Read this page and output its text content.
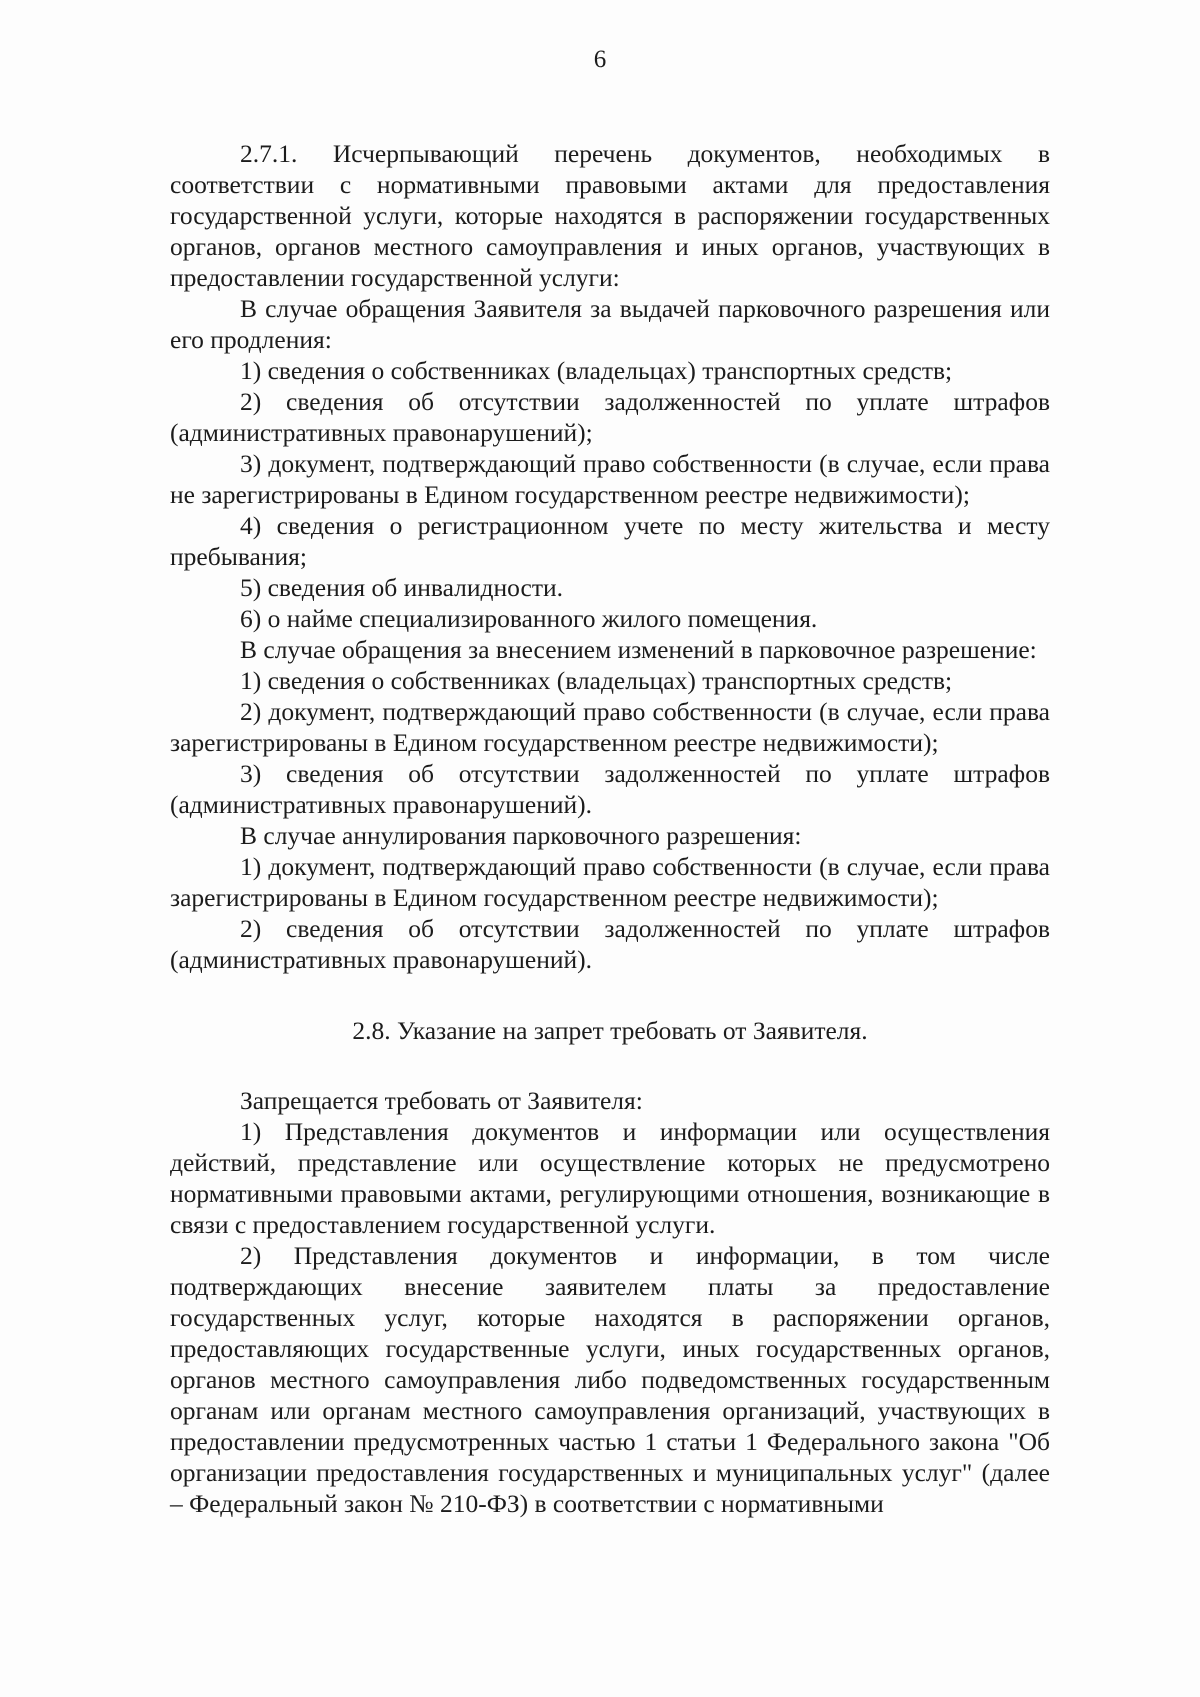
6

2.7.1. Исчерпывающий перечень документов, необходимых в соответствии с нормативными правовыми актами для предоставления государственной услуги, которые находятся в распоряжении государственных органов, органов местного самоуправления и иных органов, участвующих в предоставлении государственной услуги:

В случае обращения Заявителя за выдачей парковочного разрешения или его продления:

1) сведения о собственниках (владельцах) транспортных средств;

2) сведения об отсутствии задолженностей по уплате штрафов (административных правонарушений);

3) документ, подтверждающий право собственности (в случае, если права не зарегистрированы в Едином государственном реестре недвижимости);

4) сведения о регистрационном учете по месту жительства и месту пребывания;

5) сведения об инвалидности.

6) о найме специализированного жилого помещения.

В случае обращения за внесением изменений в парковочное разрешение:

1) сведения о собственниках (владельцах) транспортных средств;

2) документ, подтверждающий право собственности (в случае, если права зарегистрированы в Едином государственном реестре недвижимости);

3) сведения об отсутствии задолженностей по уплате штрафов (административных правонарушений).

В случае аннулирования парковочного разрешения:

1) документ, подтверждающий право собственности (в случае, если права зарегистрированы в Едином государственном реестре недвижимости);

2) сведения об отсутствии задолженностей по уплате штрафов (административных правонарушений).

2.8. Указание на запрет требовать от Заявителя.

Запрещается требовать от Заявителя:

1) Представления документов и информации или осуществления действий, представление или осуществление которых не предусмотрено нормативными правовыми актами, регулирующими отношения, возникающие в связи с предоставлением государственной услуги.

2) Представления документов и информации, в том числе подтверждающих внесение заявителем платы за предоставление государственных услуг, которые находятся в распоряжении органов, предоставляющих государственные услуги, иных государственных органов, органов местного самоуправления либо подведомственных государственным органам или органам местного самоуправления организаций, участвующих в предоставлении предусмотренных частью 1 статьи 1 Федерального закона "Об организации предоставления государственных и муниципальных услуг" (далее – Федеральный закон № 210-ФЗ) в соответствии с нормативными
